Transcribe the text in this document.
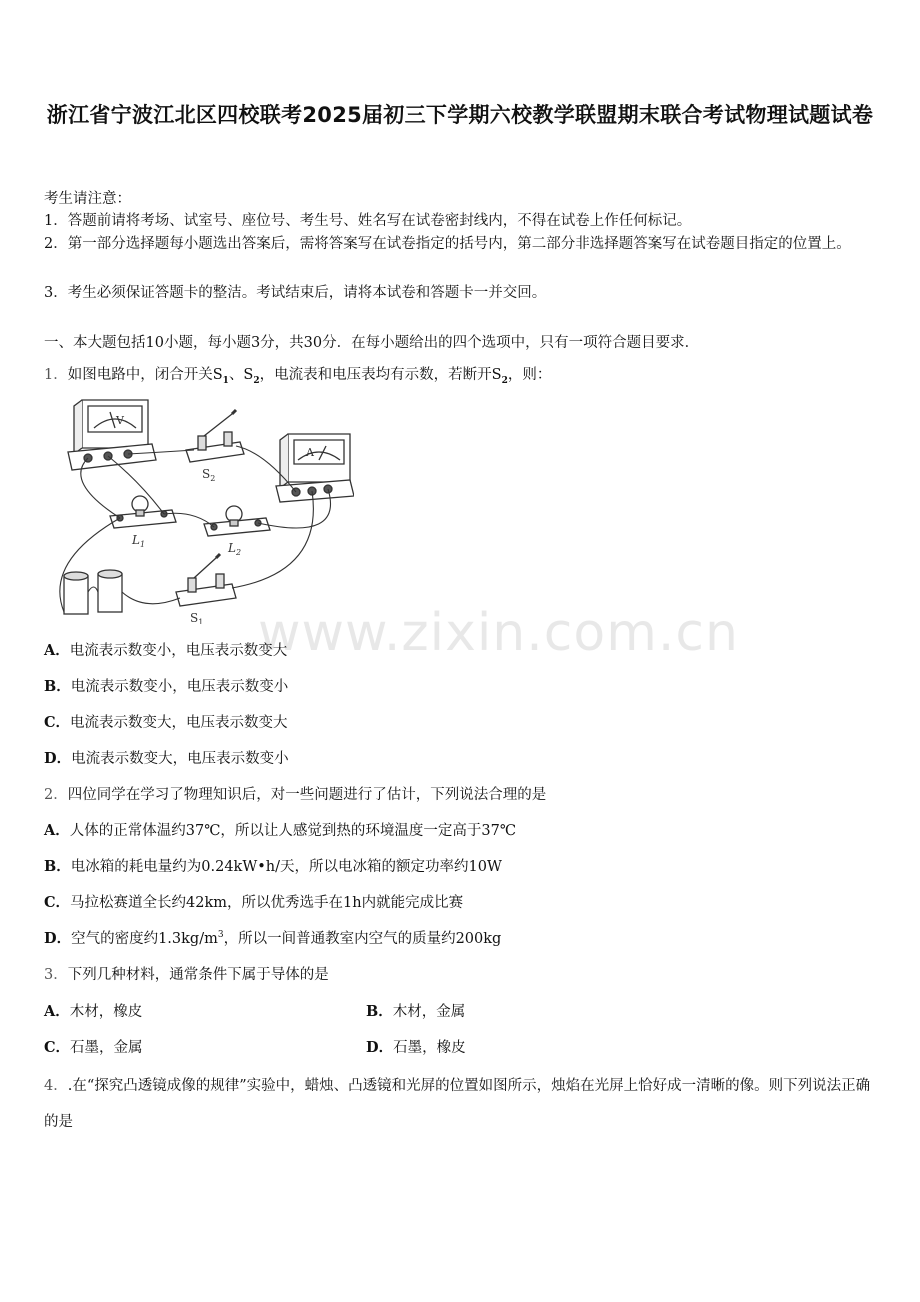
浙江省宁波江北区四校联考2025届初三下学期六校教学联盟期末联合考试物理试题试卷
考生请注意：
1．答题前请将考场、试室号、座位号、考生号、姓名写在试卷密封线内，不得在试卷上作任何标记。
2．第一部分选择题每小题选出答案后，需将答案写在试卷指定的括号内，第二部分非选择题答案写在试卷题目指定的位置上。
3．考生必须保证答题卡的整洁。考试结束后，请将本试卷和答题卡一并交回。
一、本大题包括10小题，每小题3分，共30分．在每小题给出的四个选项中，只有一项符合题目要求．
1．如图电路中，闭合开关$S_1$、$S_2$，电流表和电压表均有示数，若断开$S_2$，则：
V
$S_2$
A
$L_1$	$L_2$
$S_1$ www.zixin.com.cn
A．电流表示数变小，电压表示数变大
B．电流表示数变小，电压表示数变小
C．电流表示数变大，电压表示数变大
D．电流表示数变大，电压表示数变小
2．四位同学在学习了物理知识后，对一些问题进行了估计，下列说法合理的是
A．人体的正常体温约37℃，所以让人感觉到热的环境温度一定高于37℃
B．电冰箱的耗电量约为0.24kW•h/天，所以电冰箱的额定功率约10W
C．马拉松赛道全长约42km，所以优秀选手在1h内就能完成比赛
D．空气的密度约$1.3kg/m^3$，所以一间普通教室内空气的质量约200kg
3．下列几种材料，通常条件下属于导体的是
A．木材，橡皮	B．木材，金属
C．石墨，金属	D．石墨，橡皮
4．.在“探究凸透镜成像的规律”实验中，蜡烛、凸透镜和光屏的位置如图所示，烛焰在光屏上恰好成一清晰的像。则下列说法正确的是
